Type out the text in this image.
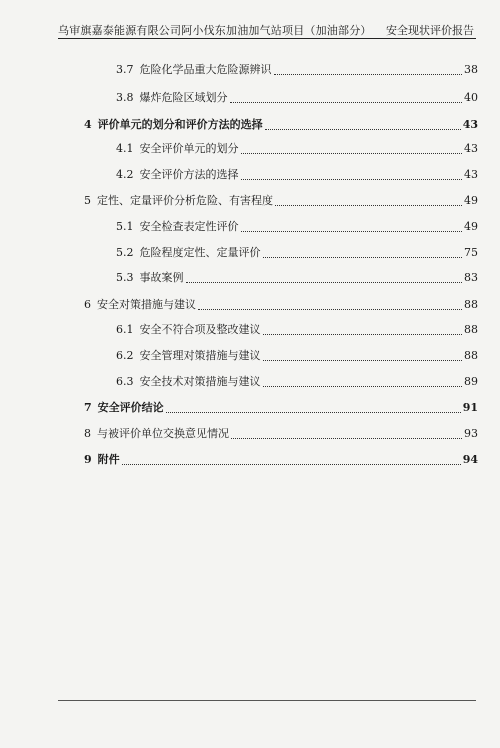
乌审旗嘉泰能源有限公司阿小伐东加油加气站项目（加油部分） 安全现状评价报告
3.7 危险化学品重大危险源辨识	38
3.8 爆炸危险区域划分	40
4 评价单元的划分和评价方法的选择	43
4.1 安全评价单元的划分	43
4.2 安全评价方法的选择	43
5 定性、定量评价分析危险、有害程度	49
5.1 安全检查表定性评价	49
5.2 危险程度定性、定量评价	75
5.3 事故案例	83
6 安全对策措施与建议	88
6.1 安全不符合项及整改建议	88
6.2 安全管理对策措施与建议	88
6.3 安全技术对策措施与建议	89
7 安全评价结论	91
8 与被评价单位交换意见情况	93
9 附件	94
